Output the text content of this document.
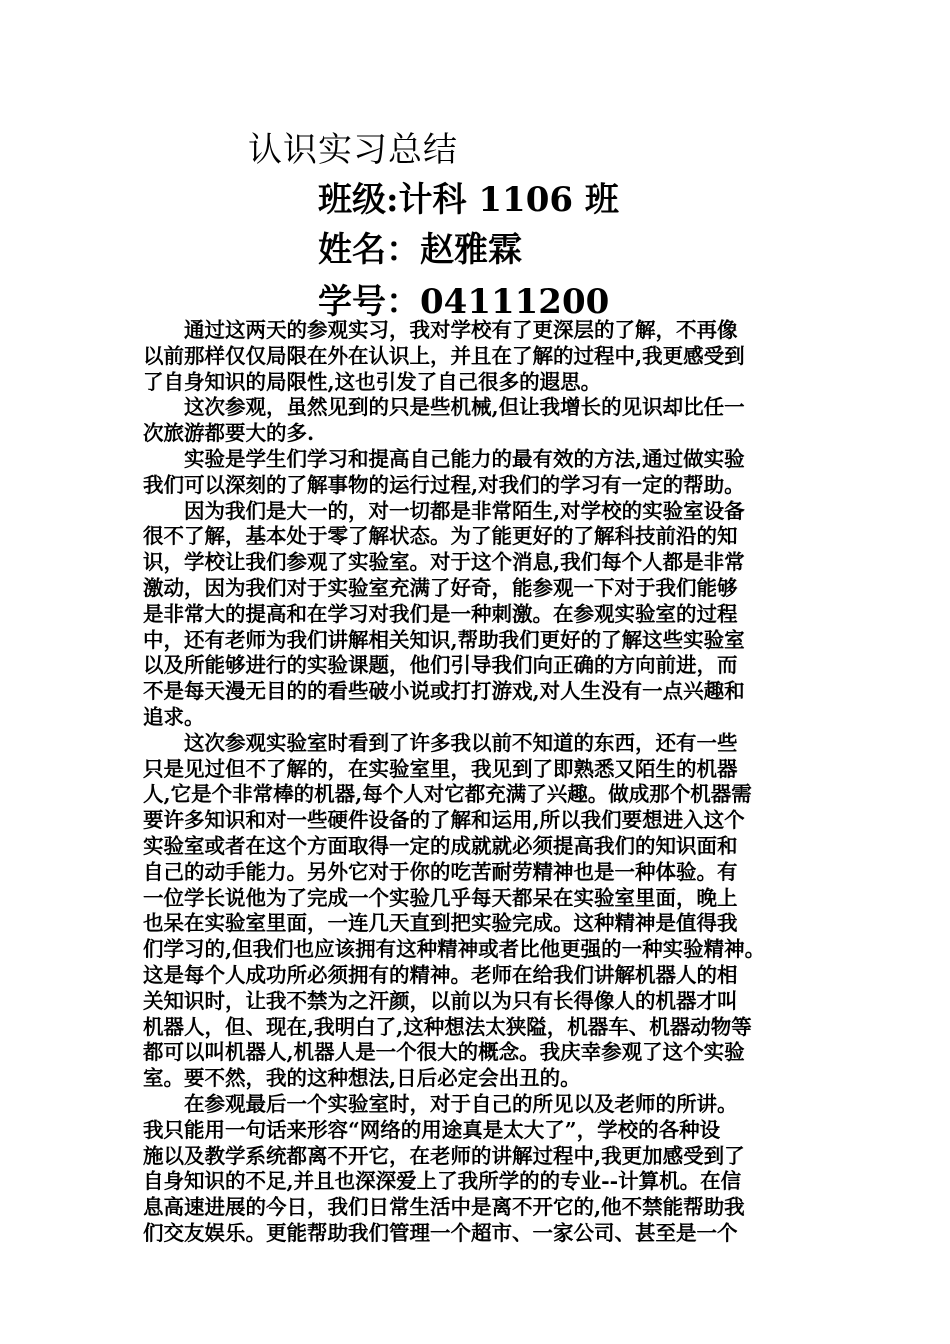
认识实习总结
班级:计科 1106 班
姓名：赵雅霖
学号：04111200
　　通过这两天的参观实习，我对学校有了更深层的了解，不再像
以前那样仅仅局限在外在认识上，并且在了解的过程中,我更感受到
了自身知识的局限性,这也引发了自己很多的遐思。
　　这次参观，虽然见到的只是些机械,但让我增长的见识却比任一
次旅游都要大的多.
　　实验是学生们学习和提高自己能力的最有效的方法,通过做实验
我们可以深刻的了解事物的运行过程,对我们的学习有一定的帮助。
　　因为我们是大一的，对一切都是非常陌生,对学校的实验室设备
很不了解，基本处于零了解状态。为了能更好的了解科技前沿的知
识，学校让我们参观了实验室。对于这个消息,我们每个人都是非常
激动，因为我们对于实验室充满了好奇，能参观一下对于我们能够
是非常大的提高和在学习对我们是一种刺激。在参观实验室的过程
中，还有老师为我们讲解相关知识,帮助我们更好的了解这些实验室
以及所能够进行的实验课题，他们引导我们向正确的方向前进，而
不是每天漫无目的的看些破小说或打打游戏,对人生没有一点兴趣和
追求。
　　这次参观实验室时看到了许多我以前不知道的东西，还有一些
只是见过但不了解的，在实验室里，我见到了即熟悉又陌生的机器
人,它是个非常棒的机器,每个人对它都充满了兴趣。做成那个机器需
要许多知识和对一些硬件设备的了解和运用,所以我们要想进入这个
实验室或者在这个方面取得一定的成就就必须提高我们的知识面和
自己的动手能力。另外它对于你的吃苦耐劳精神也是一种体验。有
一位学长说他为了完成一个实验几乎每天都呆在实验室里面，晚上
也呆在实验室里面，一连几天直到把实验完成。这种精神是值得我
们学习的,但我们也应该拥有这种精神或者比他更强的一种实验精神。
这是每个人成功所必须拥有的精神。老师在给我们讲解机器人的相
关知识时，让我不禁为之汗颜，以前以为只有长得像人的机器才叫
机器人，但、现在,我明白了,这种想法太狭隘，机器车、机器动物等
都可以叫机器人,机器人是一个很大的概念。我庆幸参观了这个实验
室。要不然，我的这种想法,日后必定会出丑的。
　　在参观最后一个实验室时，对于自己的所见以及老师的所讲。
我只能用一句话来形容“网络的用途真是太大了”，学校的各种设
施以及教学系统都离不开它，在老师的讲解过程中,我更加感受到了
自身知识的不足,并且也深深爱上了我所学的的专业--计算机。在信
息高速进展的今日，我们日常生活中是离不开它的,他不禁能帮助我
们交友娱乐。更能帮助我们管理一个超市、一家公司、甚至是一个
